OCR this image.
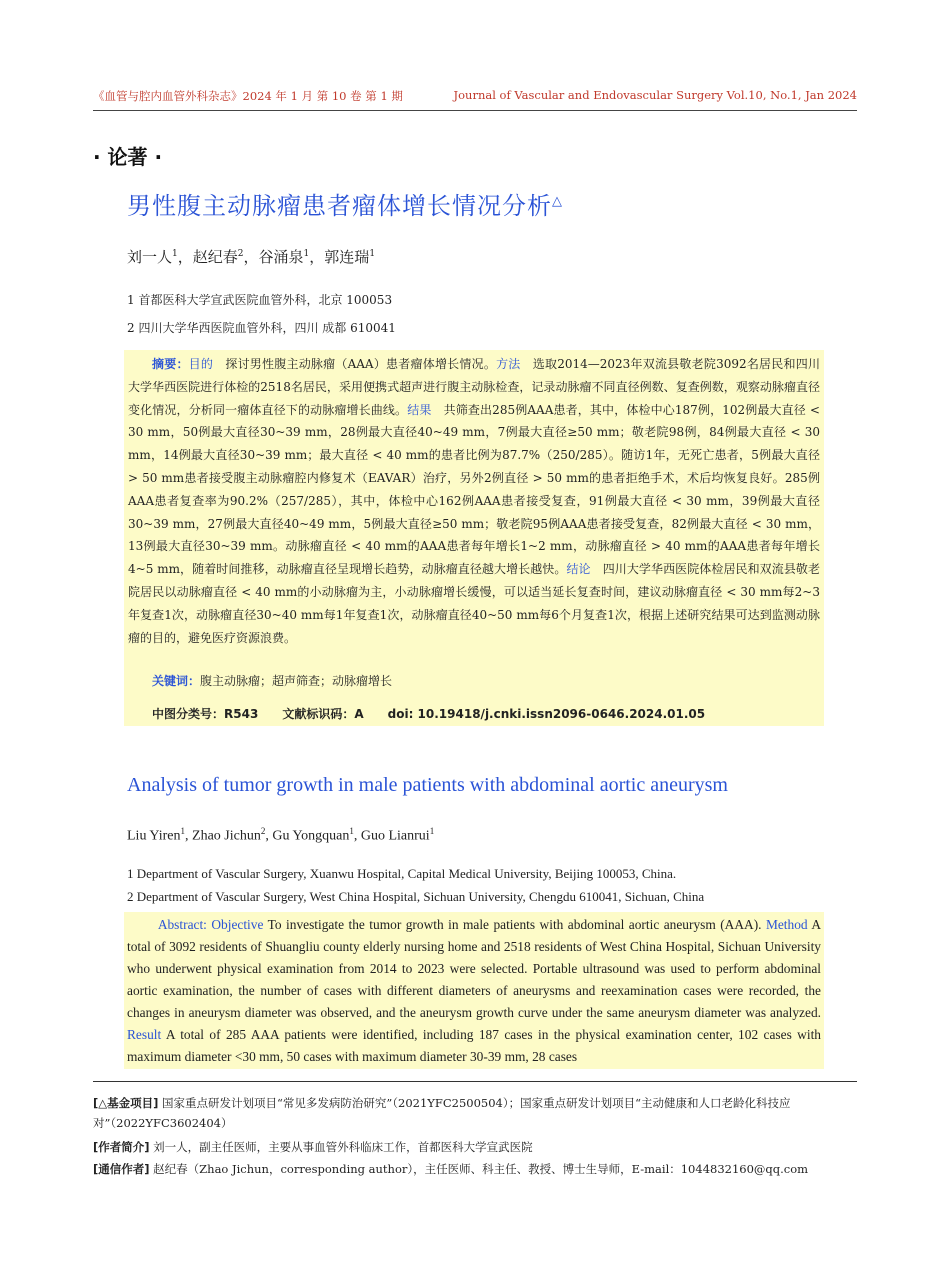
《血管与腔内血管外科杂志》2024 年 1 月 第 10 卷 第 1 期	Journal of Vascular and Endovascular Surgery Vol.10, No.1, Jan 2024
· 论著 ·
男性腹主动脉瘤患者瘤体增长情况分析△
刘一人$^1$，赵纪春$^2$，谷涌泉$^1$，郭连瑞$^1$
1 首都医科大学宣武医院血管外科，北京 100053
2 四川大学华西医院血管外科，四川 成都 610041

摘要：目的　 探讨男性腹主动脉瘤（AAA）患者瘤体增长情况。方法　 选取2014—2023年双流县敬老院3092名居民和四川大学华西医院进行体检的2518名居民，采用便携式超声进行腹主动脉检查，记录动脉瘤不同直径例数、复查例数，观察动脉瘤直径变化情况，分析同一瘤体直径下的动脉瘤增长曲线。结果　 共筛查出285例AAA患者，其中，体检中心187例，102例最大直径 < 30 mm，50例最大直径30~39 mm，28例最大直径40~49 mm，7例最大直径≥50 mm；敬老院98例，84例最大直径 < 30 mm，14例最大直径30~39 mm；最大直径 < 40 mm的患者比例为87.7%（250/285）。随访1年，无死亡患者，5例最大直径 > 50 mm患者接受腹主动脉瘤腔内修复术（EAVAR）治疗，另外2例直径 > 50 mm的患者拒绝手术，术后均恢复良好。285例AAA患者复查率为90.2%（257/285），其中，体检中心162例AAA患者接受复查，91例最大直径 < 30 mm，39例最大直径30~39 mm，27例最大直径40~49 mm，5例最大直径≥50 mm；敬老院95例AAA患者接受复查，82例最大直径 < 30 mm，13例最大直径30~39 mm。动脉瘤直径 < 40 mm的AAA患者每年增长1~2 mm，动脉瘤直径 > 40 mm的AAA患者每年增长4~5 mm，随着时间推移，动脉瘤直径呈现增长趋势，动脉瘤直径越大增长越快。结论　 四川大学华西医院体检居民和双流县敬老院居民以动脉瘤直径 < 40 mm的小动脉瘤为主，小动脉瘤增长缓慢，可以适当延长复查时间，建议动脉瘤直径 < 30 mm每2~3年复查1次，动脉瘤直径30~40 mm每1年复查1次，动脉瘤直径40~50 mm每6个月复查1次，根据上述研究结果可达到监测动脉瘤的目的，避免医疗资源浪费。

关键词：腹主动脉瘤；超声筛查；动脉瘤增长

中图分类号：R543　　 文献标识码：A　　 doi: 10.19418/j.cnki.issn2096-0646.2024.01.05

Analysis of tumor growth in male patients with abdominal aortic aneurysm
Liu Yiren$^1$, Zhao Jichun$^2$, Gu Yongquan$^1$, Guo Lianrui$^1$
1 Department of Vascular Surgery, Xuanwu Hospital, Capital Medical University, Beijing 100053, China.
2 Department of Vascular Surgery, West China Hospital, Sichuan University, Chengdu 610041, Sichuan, China

Abstract: Objective To investigate the tumor growth in male patients with abdominal aortic aneurysm (AAA). Method A total of 3092 residents of Shuangliu county elderly nursing home and 2518 residents of West China Hospital, Sichuan University who underwent physical examination from 2014 to 2023 were selected. Portable ultrasound was used to perform abdominal aortic examination, the number of cases with different diameters of aneurysms and reexamination cases were recorded, the changes in aneurysm diameter was observed, and the aneurysm growth curve under the same aneurysm diameter was analyzed. Result A total of 285 AAA patients were identified, including 187 cases in the physical examination center, 102 cases with maximum diameter <30 mm, 50 cases with maximum diameter 30-39 mm, 28 cases

[△基金项目] 国家重点研发计划项目“常见多发病防治研究”（2021YFC2500504）；国家重点研发计划项目“主动健康和人口老龄化科技应对”（2022YFC3602404）
[作者简介] 刘一人，副主任医师，主要从事血管外科临床工作，首都医科大学宣武医院
[通信作者] 赵纪春（Zhao Jichun，corresponding author），主任医师、科主任、教授、博士生导师，E-mail：1044832160@qq.com
